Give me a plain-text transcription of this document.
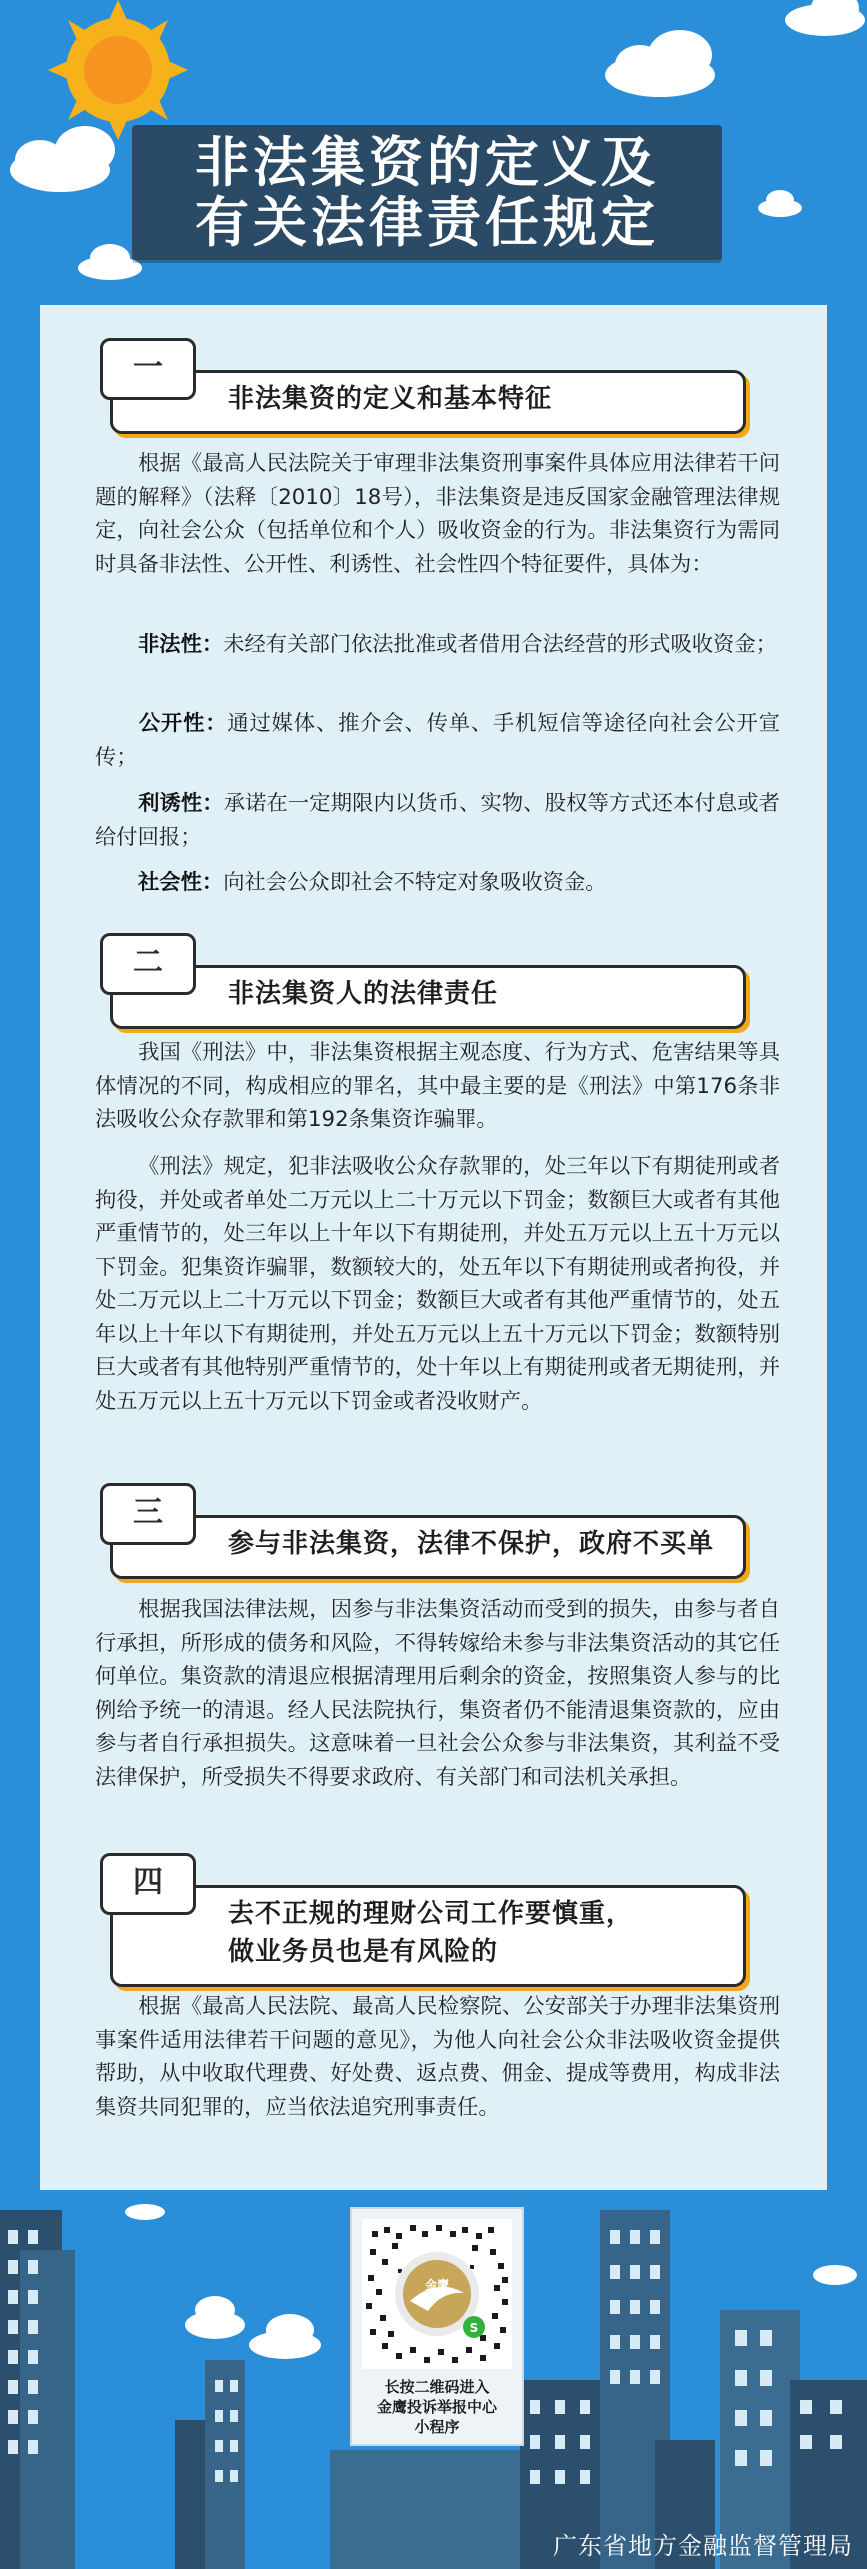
非法集资的定义及
有关法律责任规定
一
非法集资的定义和基本特征
根据《最高人民法院关于审理非法集资刑事案件具体应用法律若干问题的解释》（法释〔2010〕18号），非法集资是违反国家金融管理法律规定，向社会公众（包括单位和个人）吸收资金的行为。非法集资行为需同时具备非法性、公开性、利诱性、社会性四个特征要件，具体为：
非法性：未经有关部门依法批准或者借用合法经营的形式吸收资金；
公开性：通过媒体、推介会、传单、手机短信等途径向社会公开宣传；
利诱性：承诺在一定期限内以货币、实物、股权等方式还本付息或者给付回报；
社会性：向社会公众即社会不特定对象吸收资金。
二
非法集资人的法律责任
我国《刑法》中，非法集资根据主观态度、行为方式、危害结果等具体情况的不同，构成相应的罪名，其中最主要的是《刑法》中第176条非法吸收公众存款罪和第192条集资诈骗罪。
《刑法》规定，犯非法吸收公众存款罪的，处三年以下有期徒刑或者拘役，并处或者单处二万元以上二十万元以下罚金；数额巨大或者有其他严重情节的，处三年以上十年以下有期徒刑，并处五万元以上五十万元以下罚金。犯集资诈骗罪，数额较大的，处五年以下有期徒刑或者拘役，并处二万元以上二十万元以下罚金；数额巨大或者有其他严重情节的，处五年以上十年以下有期徒刑，并处五万元以上五十万元以下罚金；数额特别巨大或者有其他特别严重情节的，处十年以上有期徒刑或者无期徒刑，并处五万元以上五十万元以下罚金或者没收财产。
三
参与非法集资，法律不保护，政府不买单
根据我国法律法规，因参与非法集资活动而受到的损失，由参与者自行承担，所形成的债务和风险，不得转嫁给未参与非法集资活动的其它任何单位。集资款的清退应根据清理用后剩余的资金，按照集资人参与的比例给予统一的清退。经人民法院执行，集资者仍不能清退集资款的，应由参与者自行承担损失。这意味着一旦社会公众参与非法集资，其利益不受法律保护，所受损失不得要求政府、有关部门和司法机关承担。
四
去不正规的理财公司工作要慎重，
做业务员也是有风险的
根据《最高人民法院、最高人民检察院、公安部关于办理非法集资刑事案件适用法律若干问题的意见》，为他人向社会公众非法吸收资金提供帮助，从中收取代理费、好处费、返点费、佣金、提成等费用，构成非法集资共同犯罪的，应当依法追究刑事责任。
金鹰
S
长按二维码进入
金鹰投诉举报中心
小程序
广东省地方金融监督管理局
